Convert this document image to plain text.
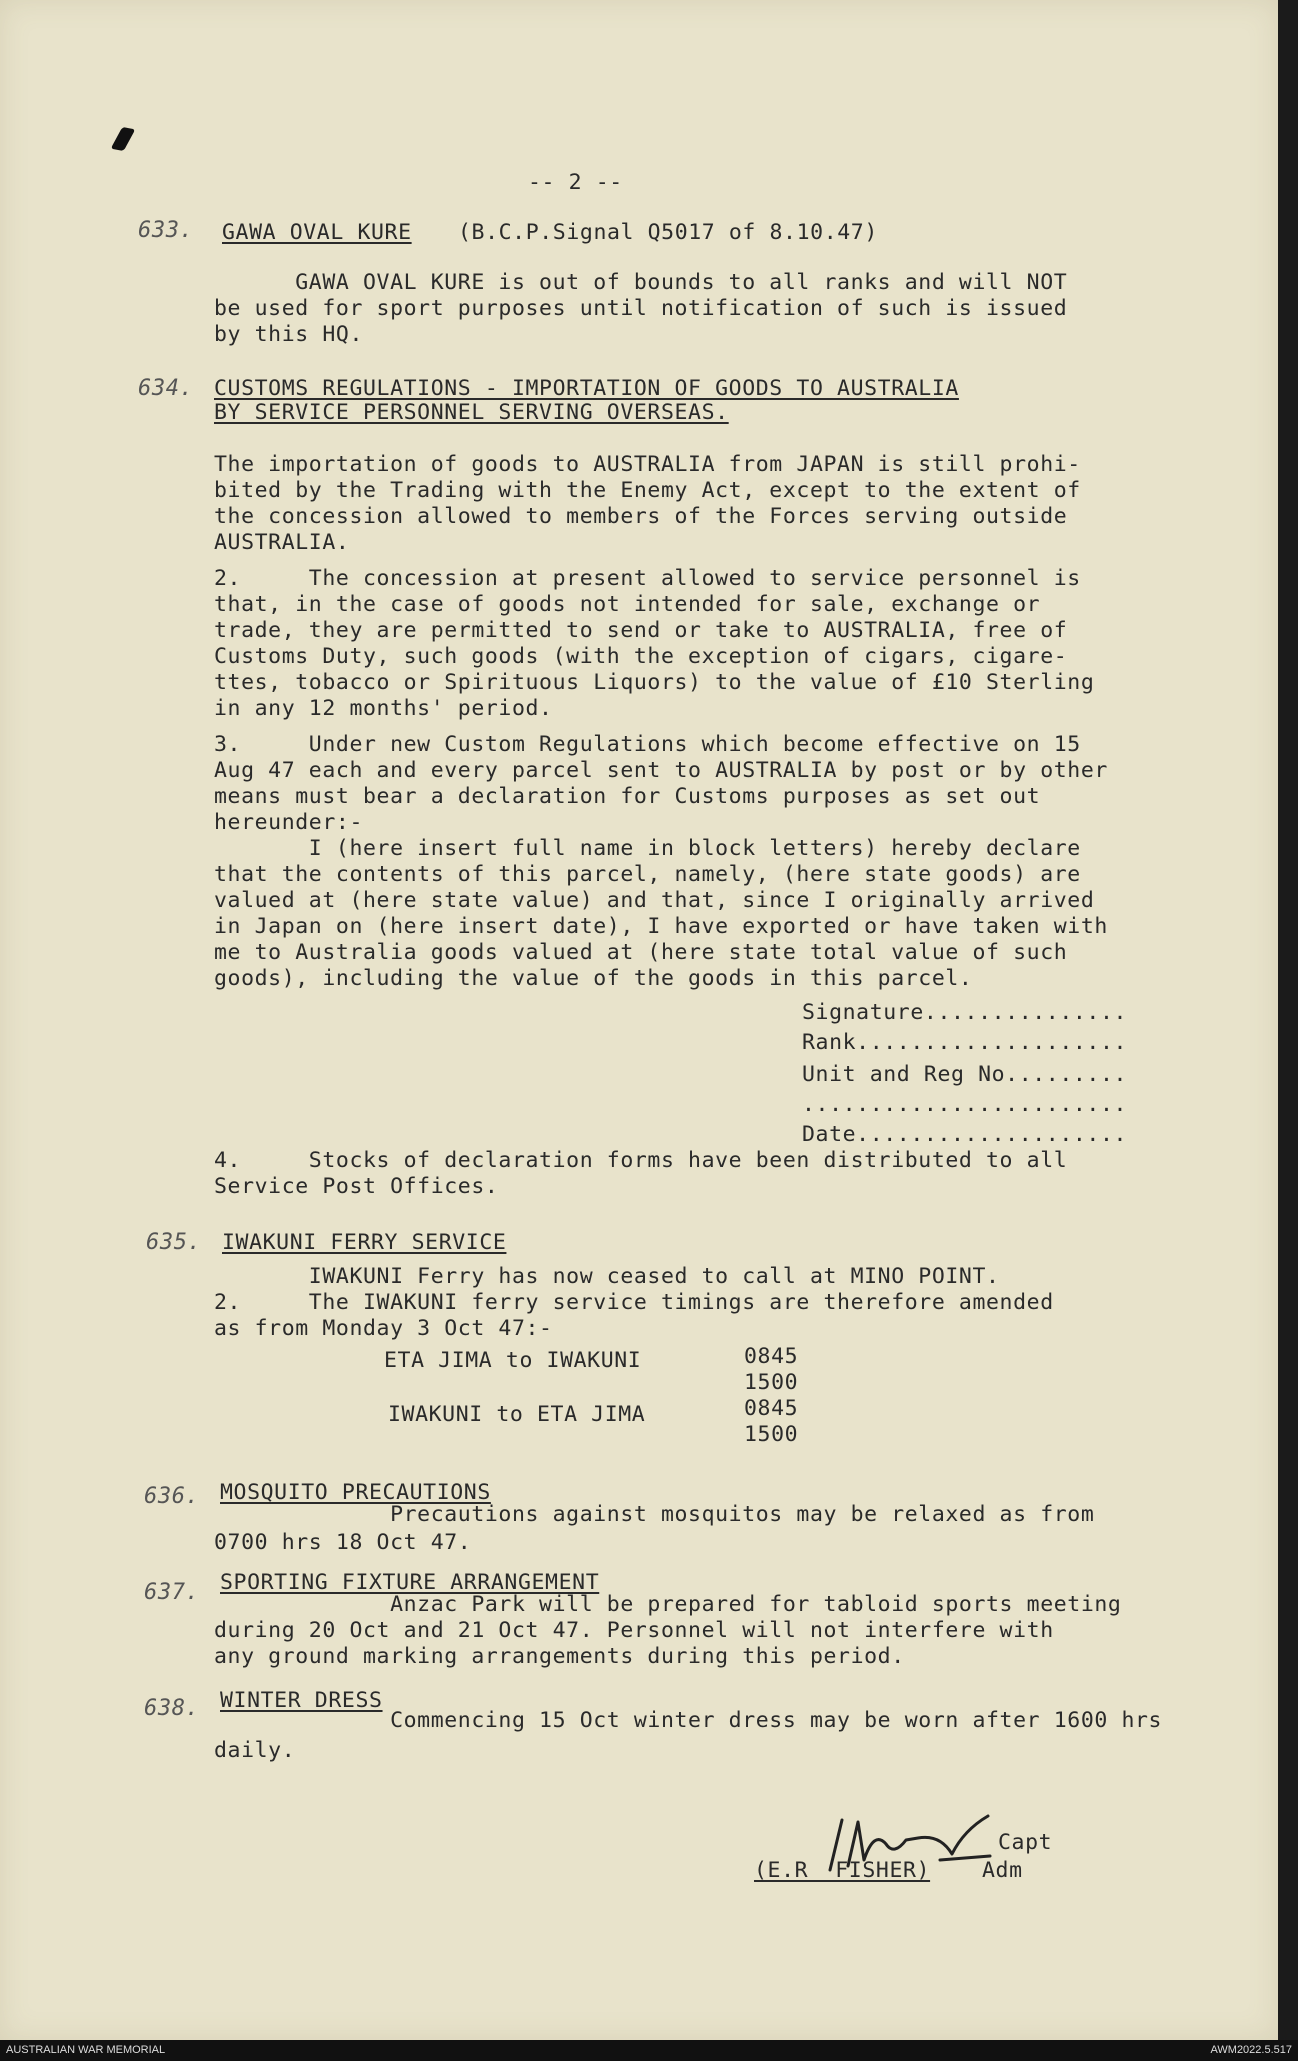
-- 2 --
633. GAWA OVAL KURE (B.C.P.Signal Q5017 of 8.10.47)
GAWA OVAL KURE is out of bounds to all ranks and will NOT
be used for sport purposes until notification of such is issued
by this HQ.
634. CUSTOMS REGULATIONS - IMPORTATION OF GOODS TO AUSTRALIA
BY SERVICE PERSONNEL SERVING OVERSEAS.
The importation of goods to AUSTRALIA from JAPAN is still prohi-
bited by the Trading with the Enemy Act, except to the extent of
the concession allowed to members of the Forces serving outside
AUSTRALIA.
2.     The concession at present allowed to service personnel is
that, in the case of goods not intended for sale, exchange or
trade, they are permitted to send or take to AUSTRALIA, free of
Customs Duty, such goods (with the exception of cigars, cigare-
ttes, tobacco or Spirituous Liquors) to the value of £10 Sterling
in any 12 months' period.
3.     Under new Custom Regulations which become effective on 15
Aug 47 each and every parcel sent to AUSTRALIA by post or by other
means must bear a declaration for Customs purposes as set out
hereunder:-
I (here insert full name in block letters) hereby declare
that the contents of this parcel, namely, (here state goods) are
valued at (here state value) and that, since I originally arrived
in Japan on (here insert date), I have exported or have taken with
me to Australia goods valued at (here state total value of such
goods), including the value of the goods in this parcel.
Signature...............
Rank....................
Unit and Reg No.........
........................
Date....................
4.     Stocks of declaration forms have been distributed to all
Service Post Offices.
635. IWAKUNI FERRY SERVICE
IWAKUNI Ferry has now ceased to call at MINO POINT.
2.     The IWAKUNI ferry service timings are therefore amended
as from Monday 3 Oct 47:-
ETA JIMA to IWAKUNI	0845
1500
IWAKUNI to ETA JIMA	0845
1500
636. MOSQUITO PRECAUTIONS
Precautions against mosquitos may be relaxed as from
0700 hrs 18 Oct 47.
637. SPORTING FIXTURE ARRANGEMENT
Anzac Park will be prepared for tabloid sports meeting
during 20 Oct and 21 Oct 47. Personnel will not interfere with
any ground marking arrangements during this period.
638. WINTER DRESS
Commencing 15 Oct winter dress may be worn after 1600 hrs
daily.
Capt
(E.R  FISHER) Adm
AUSTRALIAN WAR MEMORIAL	AWM2022.5.517
